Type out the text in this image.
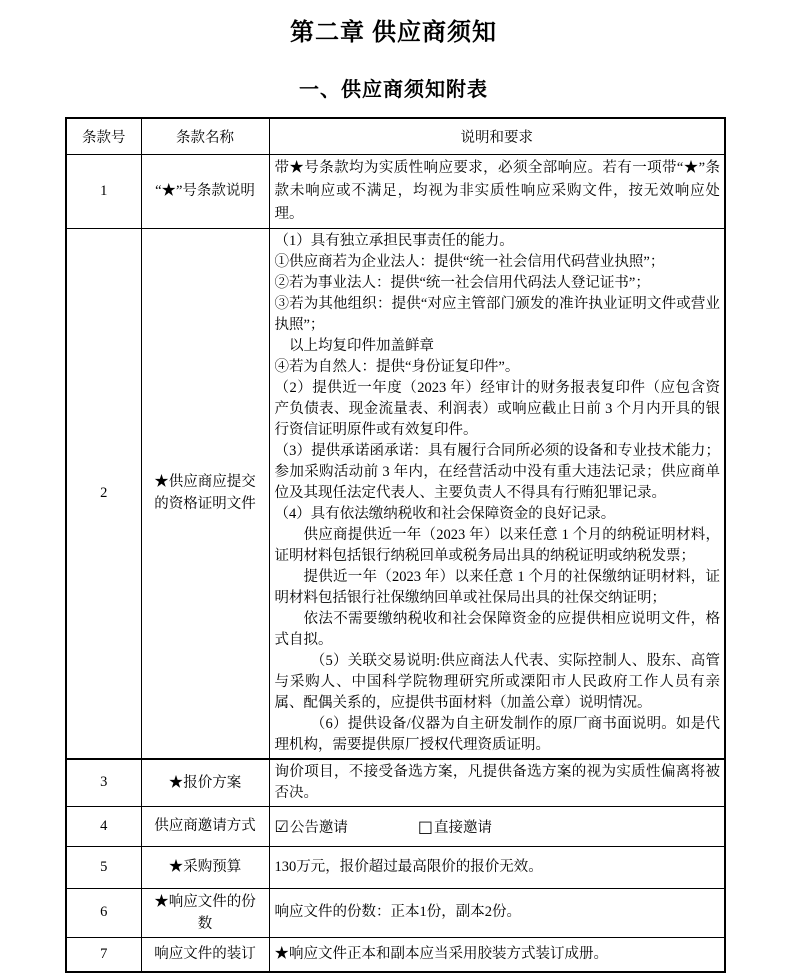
第二章 供应商须知
一、供应商须知附表
条款号	条款名称	说明和要求
1	“★”号条款说明	带★号条款均为实质性响应要求，必须全部响应。若有一项带“★”条款未响应或不满足，均视为非实质性响应采购文件，按无效响应处理。

2	★供应商应提交的资格证明文件	
（1）具有独立承担民事责任的能力。
①供应商若为企业法人：提供“统一社会信用代码营业执照”；
②若为事业法人：提供“统一社会信用代码法人登记证书”；
③若为其他组织：提供“对应主管部门颁发的准许执业证明文件或营业执照”；
以上均复印件加盖鲜章
④若为自然人：提供“身份证复印件”。
（2）提供近一年度（2023 年）经审计的财务报表复印件（应包含资产负债表、现金流量表、利润表）或响应截止日前 3 个月内开具的银行资信证明原件或有效复印件。
（3）提供承诺函承诺：具有履行合同所必须的设备和专业技术能力；参加采购活动前 3 年内，在经营活动中没有重大违法记录；供应商单位及其现任法定代表人、主要负责人不得具有行贿犯罪记录。
（4）具有依法缴纳税收和社会保障资金的良好记录。
供应商提供近一年（2023 年）以来任意 1 个月的纳税证明材料，证明材料包括银行纳税回单或税务局出具的纳税证明或纳税发票；
提供近一年（2023 年）以来任意 1 个月的社保缴纳证明材料，证明材料包括银行社保缴纳回单或社保局出具的社保交纳证明；
依法不需要缴纳税收和社会保障资金的应提供相应说明文件，格式自拟。
（5）关联交易说明:供应商法人代表、实际控制人、股东、高管与采购人、中国科学院物理研究所或溧阳市人民政府工作人员有亲属、配偶关系的，应提供书面材料（加盖公章）说明情况。
（6）提供设备/仪器为自主研发制作的原厂商书面说明。如是代理机构，需要提供原厂授权代理资质证明。

3	★报价方案	询价项目，不接受备选方案，凡提供备选方案的视为实质性偏离将被否决。

4	供应商邀请方式	☑ 公告邀请 □ 直接邀请

5	★采购预算	130万元，报价超过最高限价的报价无效。

6	★响应文件的份数	响应文件的份数：正本1份，副本2份。

7	响应文件的装订	★响应文件正本和副本应当采用胶装方式装订成册。
